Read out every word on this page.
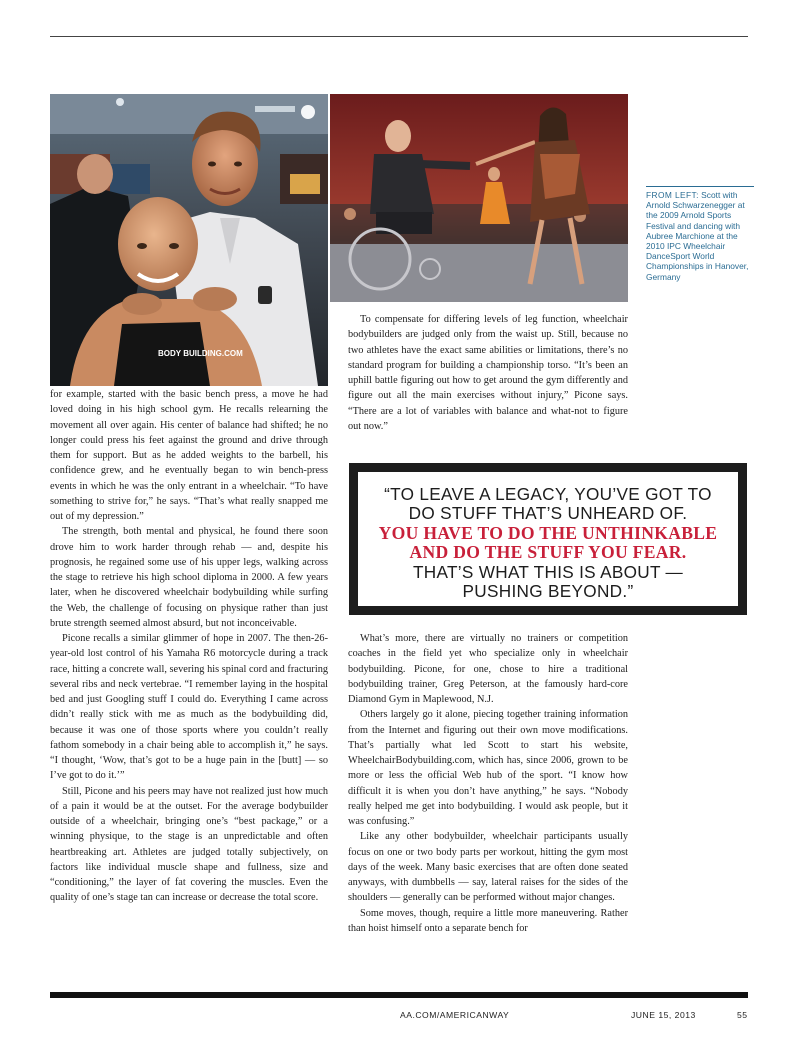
BODY BUILDING.COM
FROM LEFT: Scott with Arnold Schwarzenegger at the 2009 Arnold Sports Festival and dancing with Aubree Marchione at the 2010 IPC Wheelchair DanceSport World Championships in Hanover, Germany

for example, started with the basic bench press, a move he had loved doing in his high school gym. He recalls relearning the movement all over again. His center of balance had shifted; he no longer could press his feet against the ground and drive through them for support. But as he added weights to the barbell, his confidence grew, and he eventually began to win bench-press events in which he was the only entrant in a wheelchair. “To have something to strive for,” he says. “That’s what really snapped me out of my depression.”

The strength, both mental and physical, he found there soon drove him to work harder through rehab — and, despite his prognosis, he regained some use of his upper legs, walking across the stage to retrieve his high school diploma in 2000. A few years later, when he discovered wheelchair bodybuilding while surfing the Web, the challenge of focusing on physique rather than just brute strength seemed almost absurd, but not inconceivable.

Picone recalls a similar glimmer of hope in 2007. The then-26-year-old lost control of his Yamaha R6 motorcycle during a track race, hitting a concrete wall, severing his spinal cord and fracturing several ribs and neck vertebrae. “I remember laying in the hospital bed and just Googling stuff I could do. Everything I came across didn’t really stick with me as much as the bodybuilding did, because it was one of those sports where you couldn’t really fathom somebody in a chair being able to accomplish it,” he says. “I thought, ‘Wow, that’s got to be a huge pain in the [butt] — so I’ve got to do it.’”

Still, Picone and his peers may have not realized just how much of a pain it would be at the outset. For the average bodybuilder outside of a wheelchair, bringing one’s “best package,” or a winning physique, to the stage is an unpredictable and often heartbreaking art. Athletes are judged totally subjectively, on factors like individual muscle shape and fullness, size and “conditioning,” the layer of fat covering the muscles. Even the quality of one’s stage tan can increase or decrease the total score.

To compensate for differing levels of leg function, wheelchair bodybuilders are judged only from the waist up. Still, because no two athletes have the exact same abilities or limitations, there’s no standard program for building a championship torso. “It’s been an uphill battle figuring out how to get around the gym differently and figure out all the main exercises without injury,” Picone says. “There are a lot of variables with balance and what-not to figure out now.”

“TO LEAVE A LEGACY, YOU’VE GOT TO DO STUFF THAT’S UNHEARD OF.
YOU HAVE TO DO THE UNTHINKABLE AND DO THE STUFF YOU FEAR.
THAT’S WHAT THIS IS ABOUT — PUSHING BEYOND.”

What’s more, there are virtually no trainers or competition coaches in the field yet who specialize only in wheelchair bodybuilding. Picone, for one, chose to hire a traditional bodybuilding trainer, Greg Peterson, at the famously hard-core Diamond Gym in Maplewood, N.J.

Others largely go it alone, piecing together training information from the Internet and figuring out their own move modifications. That’s partially what led Scott to start his website, WheelchairBodybuilding.com, which has, since 2006, grown to be more or less the official Web hub of the sport. “I know how difficult it is when you don’t have anything,” he says. “Nobody really helped me get into bodybuilding. I would ask people, but it was confusing.”

Like any other bodybuilder, wheelchair participants usually focus on one or two body parts per workout, hitting the gym most days of the week. Many basic exercises that are often done seated anyways, with dumbbells — say, lateral raises for the sides of the shoulders — generally can be performed without major changes.

Some moves, though, require a little more maneuvering. Rather than hoist himself onto a separate bench for

AA.COM/AMERICANWAY	JUNE 15, 2013	55
